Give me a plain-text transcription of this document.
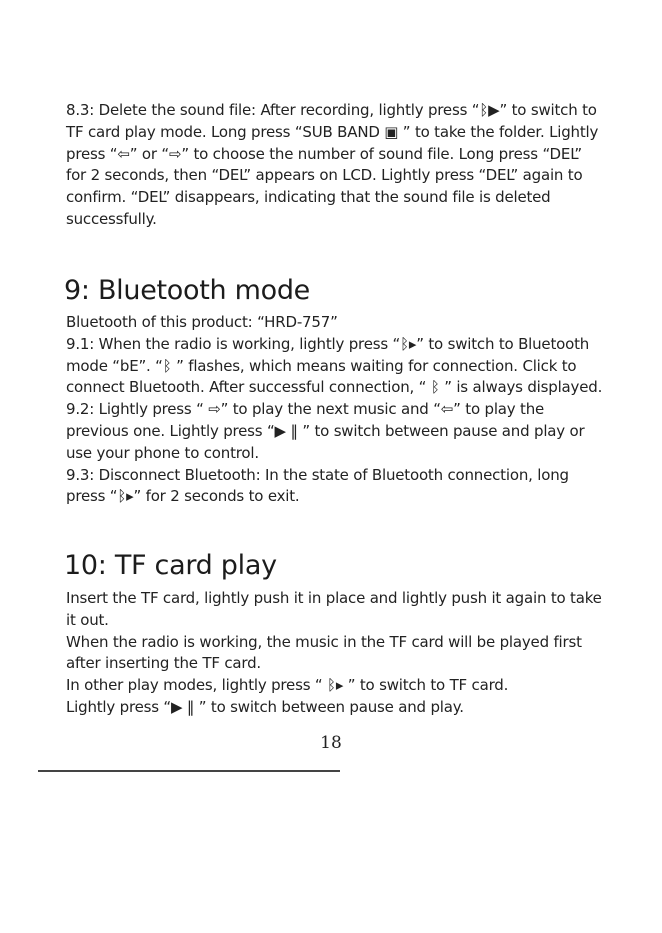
8.3: Delete the sound file: After recording, lightly press “ᛒ▶” to switch to TF card play mode. Long press “SUB BAND ▣ ” to take the folder. Lightly press “⇦” or “⇨” to choose the number of sound file. Long press “DEL” for 2 seconds, then “DEL” appears on LCD. Lightly press “DEL” again to confirm. “DEL” disappears, indicating that the sound file is deleted successfully.

9: Bluetooth mode

Bluetooth of this product: “HRD-757”

9.1: When the radio is working, lightly press “ᛒ▸” to switch to Bluetooth mode “bE”. “ᛒ ” flashes, which means waiting for connection. Click to connect Bluetooth. After successful connection, “ ᛒ ” is always displayed.

9.2: Lightly press “ ⇨” to play the next music and “⇦” to play the previous one. Lightly press “▶ ‖ ” to switch between pause and play or use your phone to control.

9.3: Disconnect Bluetooth: In the state of Bluetooth connection, long press “ᛒ▸” for 2 seconds to exit.

10: TF card play

Insert the TF card, lightly push it in place and lightly push it again to take it out.

When the radio is working, the music in the TF card will be played first after inserting the TF card.

In other play modes, lightly press “ ᛒ▸ ” to switch to TF card.

Lightly press “▶ ‖ ” to switch between pause and play.

18
